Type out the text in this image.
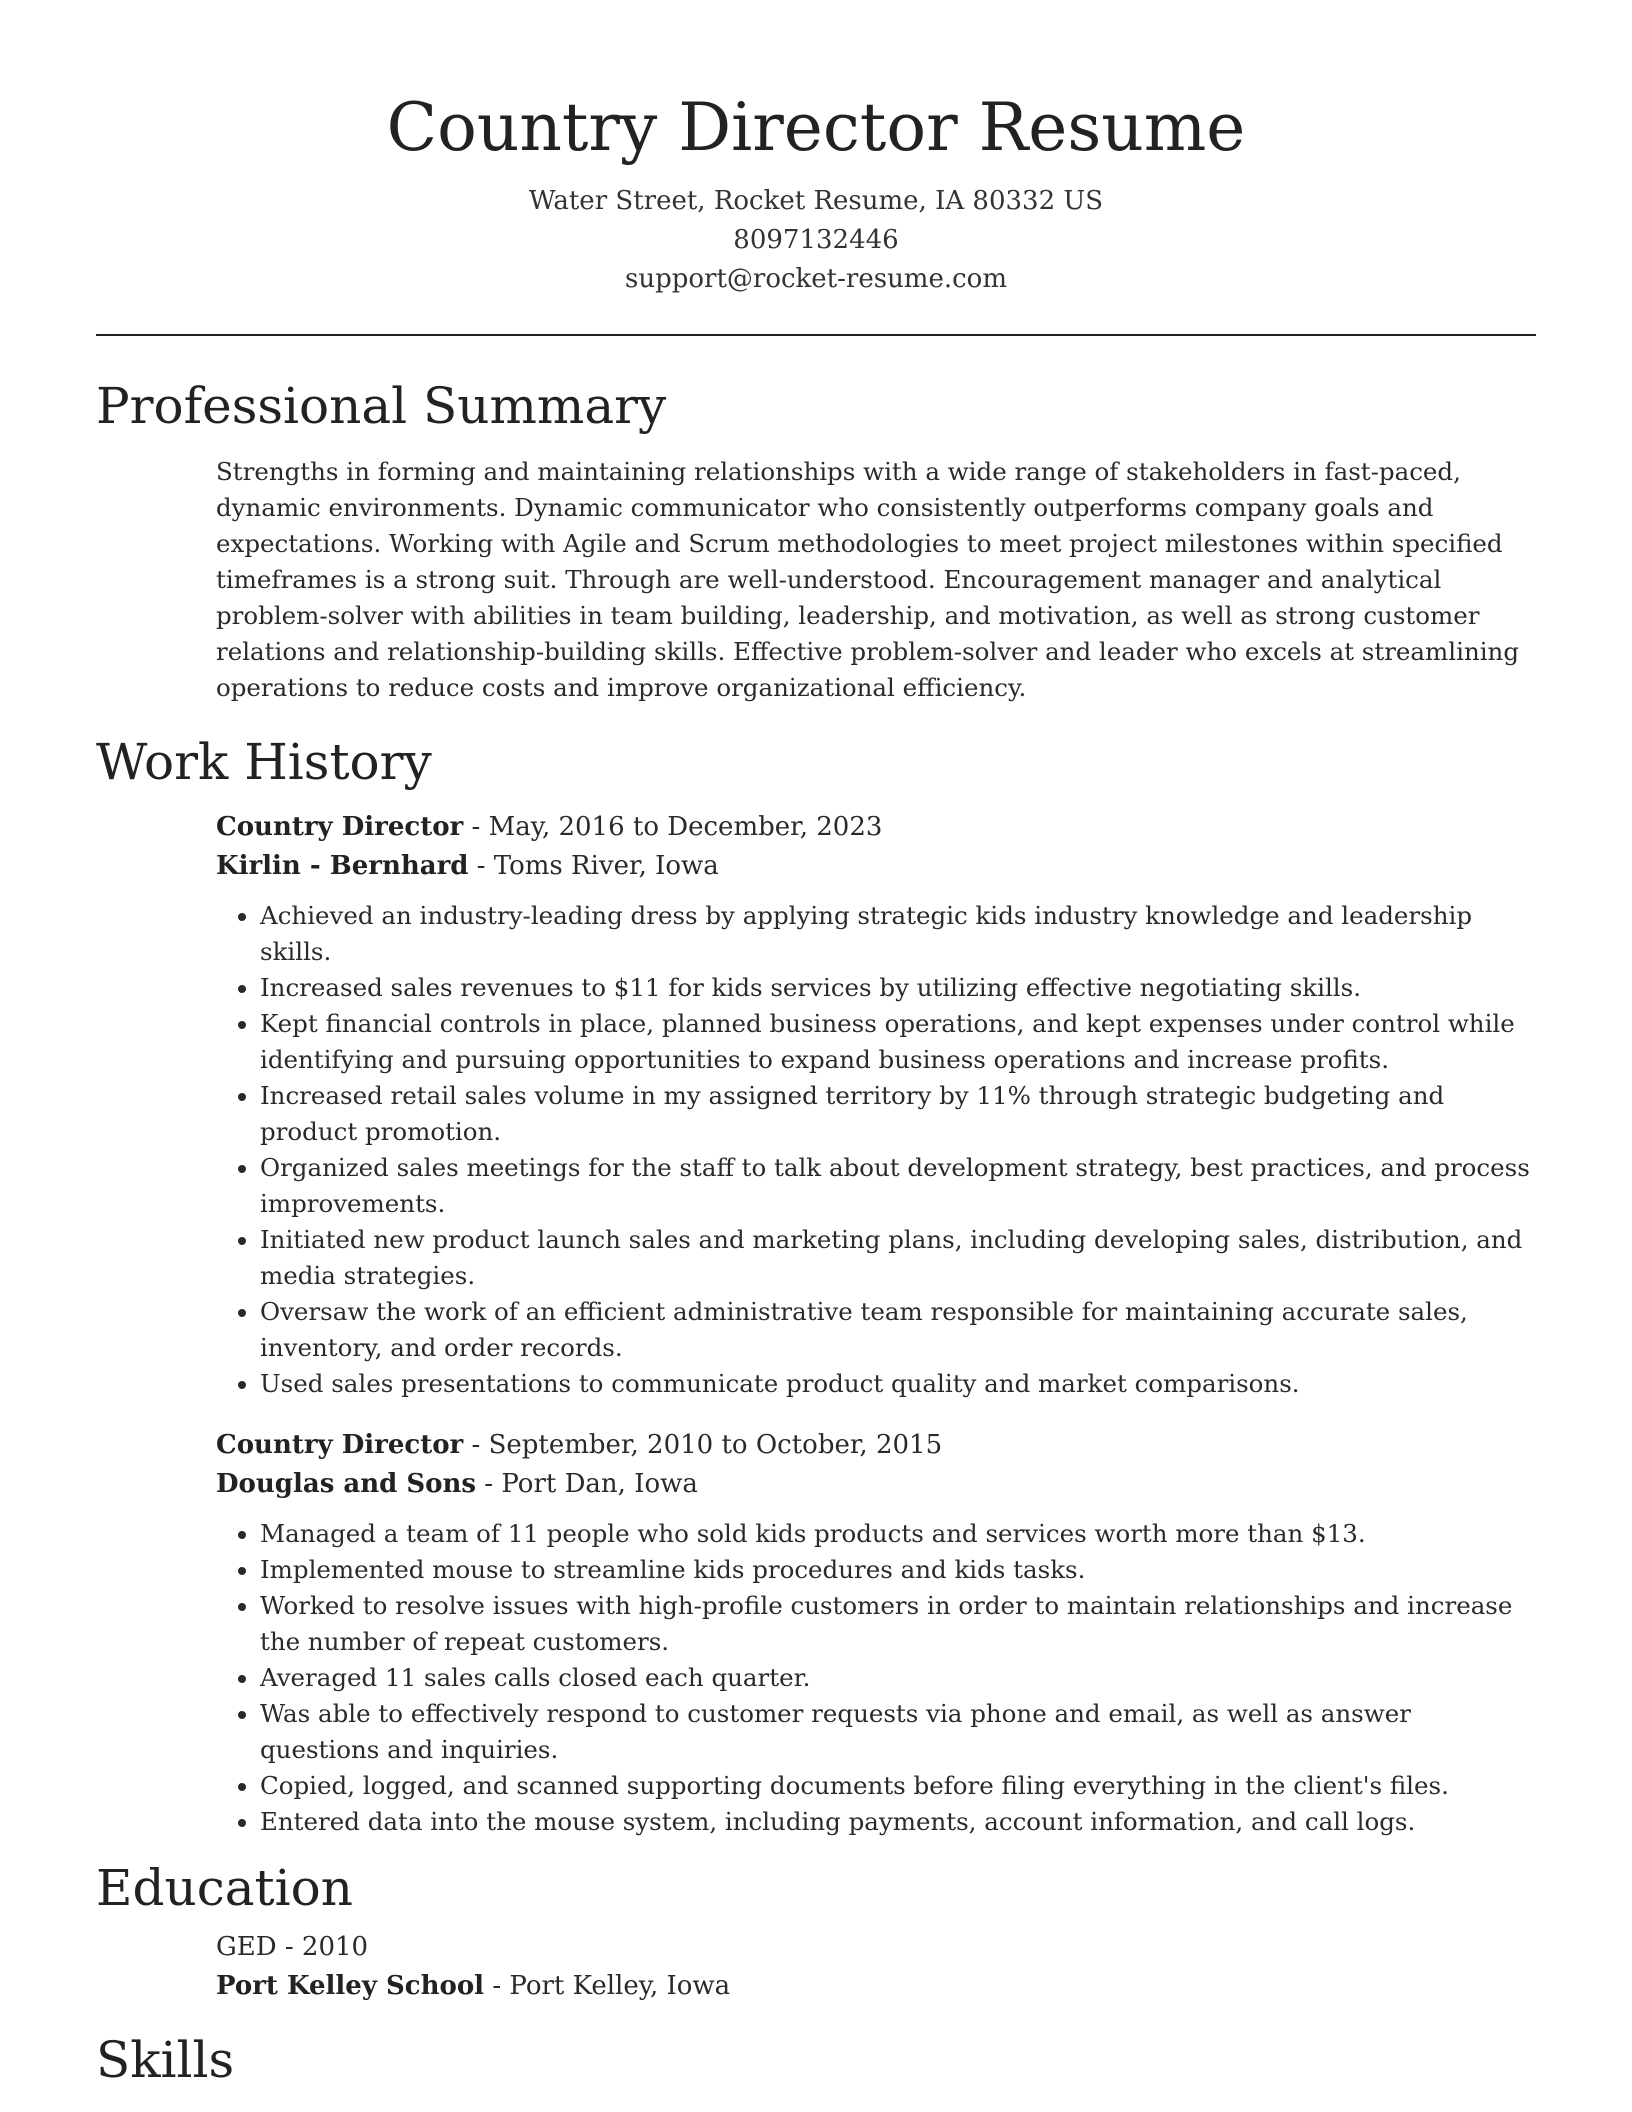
Country Director Resume
Water Street, Rocket Resume, IA 80332 US
8097132446
support@rocket-resume.com
Professional Summary
Strengths in forming and maintaining relationships with a wide range of stakeholders in fast-paced, dynamic environments. Dynamic communicator who consistently outperforms company goals and expectations. Working with Agile and Scrum methodologies to meet project milestones within specified timeframes is a strong suit. Through are well-understood. Encouragement manager and analytical problem-solver with abilities in team building, leadership, and motivation, as well as strong customer relations and relationship-building skills. Effective problem-solver and leader who excels at streamlining operations to reduce costs and improve organizational efficiency.
Work History
Country Director - May, 2016 to December, 2023
Kirlin - Bernhard - Toms River, Iowa
• Achieved an industry-leading dress by applying strategic kids industry knowledge and leadership skills.
• Increased sales revenues to $11 for kids services by utilizing effective negotiating skills.
• Kept financial controls in place, planned business operations, and kept expenses under control while identifying and pursuing opportunities to expand business operations and increase profits.
• Increased retail sales volume in my assigned territory by 11% through strategic budgeting and product promotion.
• Organized sales meetings for the staff to talk about development strategy, best practices, and process improvements.
• Initiated new product launch sales and marketing plans, including developing sales, distribution, and media strategies.
• Oversaw the work of an efficient administrative team responsible for maintaining accurate sales, inventory, and order records.
• Used sales presentations to communicate product quality and market comparisons.
Country Director - September, 2010 to October, 2015
Douglas and Sons - Port Dan, Iowa
• Managed a team of 11 people who sold kids products and services worth more than $13.
• Implemented mouse to streamline kids procedures and kids tasks.
• Worked to resolve issues with high-profile customers in order to maintain relationships and increase the number of repeat customers.
• Averaged 11 sales calls closed each quarter.
• Was able to effectively respond to customer requests via phone and email, as well as answer questions and inquiries.
• Copied, logged, and scanned supporting documents before filing everything in the client's files.
• Entered data into the mouse system, including payments, account information, and call logs.
Education
GED - 2010
Port Kelley School - Port Kelley, Iowa
Skills
